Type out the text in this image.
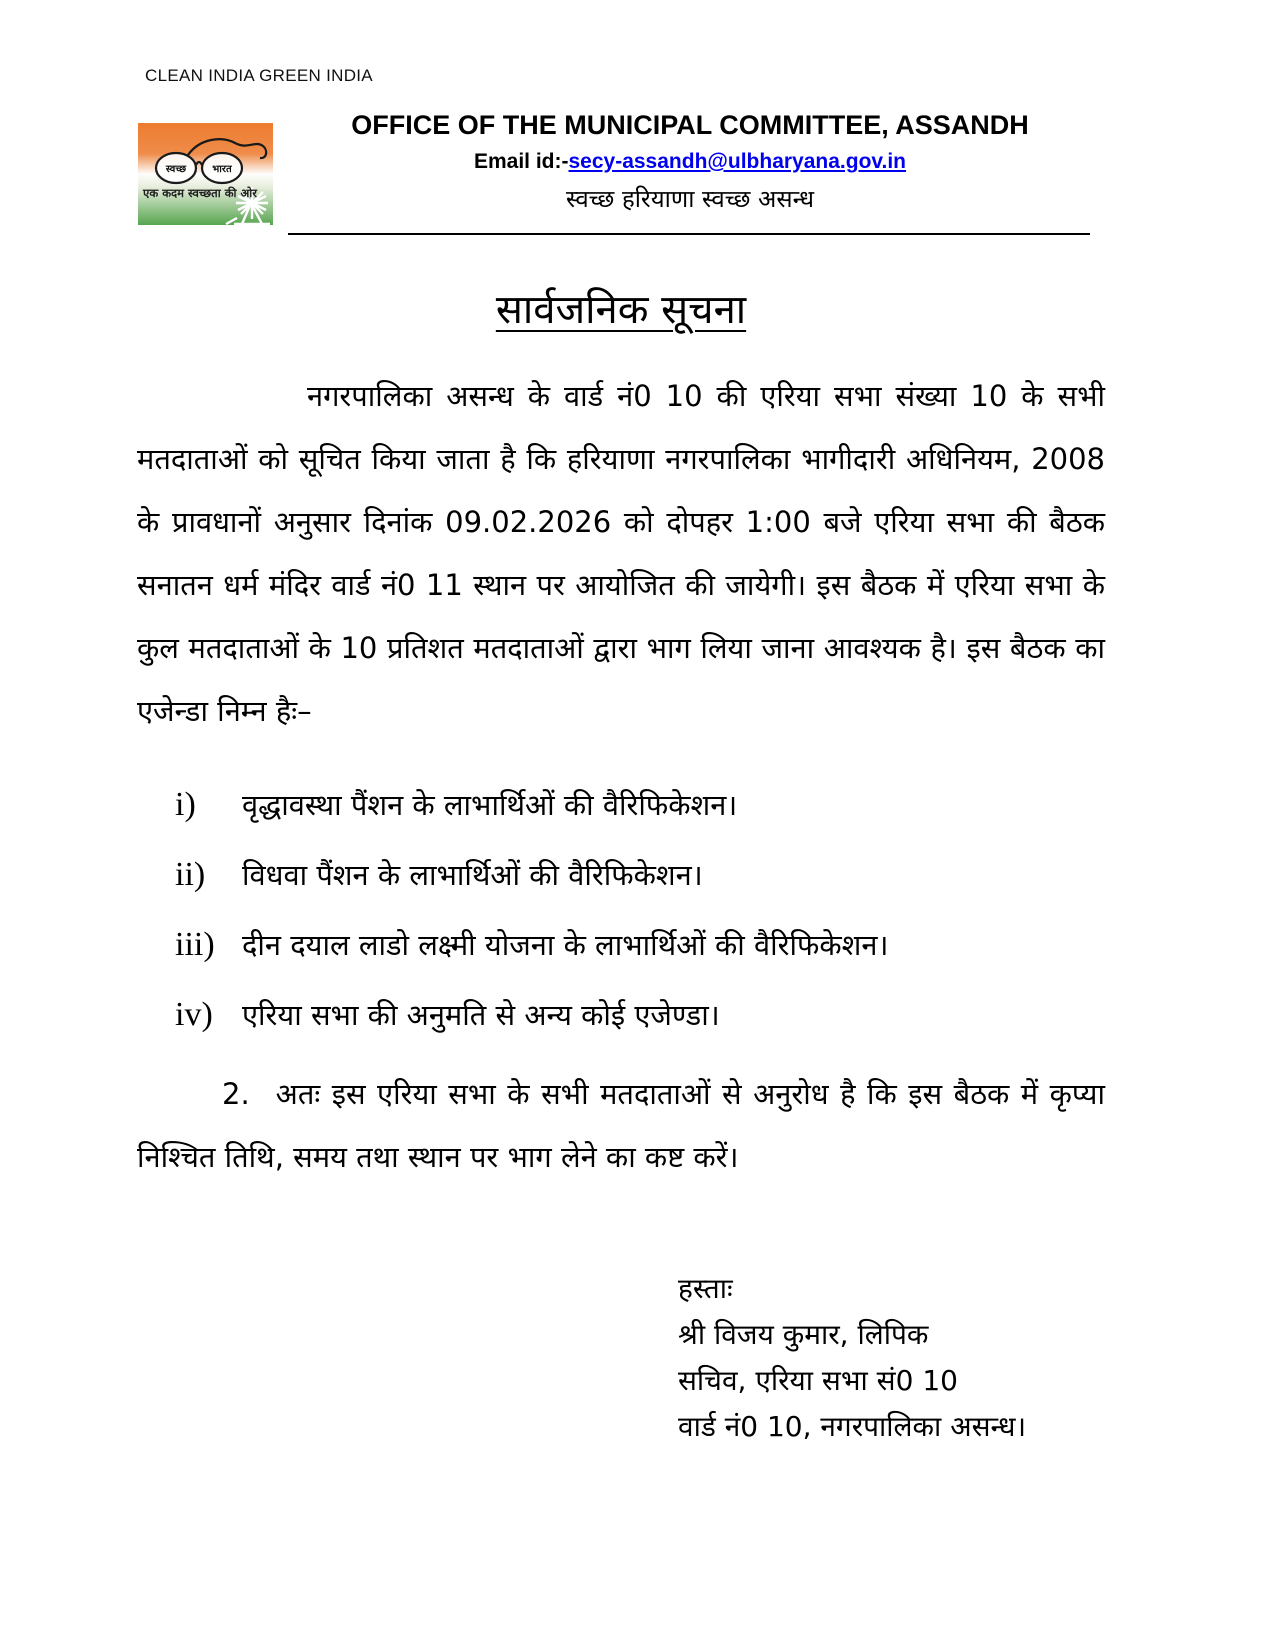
CLEAN INDIA GREEN INDIA
स्वच्छ	भारत
एक कदम स्वच्छता की ओर
OFFICE OF THE MUNICIPAL COMMITTEE, ASSANDH
Email id:-secy-assandh@ulbharyana.gov.in
स्वच्छ हरियाणा स्वच्छ असन्ध
सार्वजनिक सूचना

नगरपालिका असन्ध के वार्ड नं0 10 की एरिया सभा संख्या 10 के सभी मतदाताओं को सूचित किया जाता है कि हरियाणा नगरपालिका भागीदारी अधिनियम, 2008 के प्रावधानों अनुसार दिनांक 09.02.2026 को दोपहर 1:00 बजे एरिया सभा की बैठक सनातन धर्म मंदिर वार्ड नं0 11 स्थान पर आयोजित की जायेगी। इस बैठक में एरिया सभा के कुल मतदाताओं के 10 प्रतिशत मतदाताओं द्वारा भाग लिया जाना आवश्यक है। इस बैठक का एजेन्डा निम्न हैः–

i)	वृद्धावस्था पैंशन के लाभार्थिओं की वैरिफिकेशन।
ii)	विधवा पैंशन के लाभार्थिओं की वैरिफिकेशन।
iii) दीन दयाल लाडो लक्ष्मी योजना के लाभार्थिओं की वैरिफिकेशन।
iv)	एरिया सभा की अनुमति से अन्य कोई एजेण्डा।

2. अतः इस एरिया सभा के सभी मतदाताओं से अनुरोध है कि इस बैठक में कृप्या निश्चित तिथि, समय तथा स्थान पर भाग लेने का कष्ट करें।

हस्ताः
श्री विजय कुमार, लिपिक
सचिव, एरिया सभा सं0 10
वार्ड नं0 10, नगरपालिका असन्ध।
